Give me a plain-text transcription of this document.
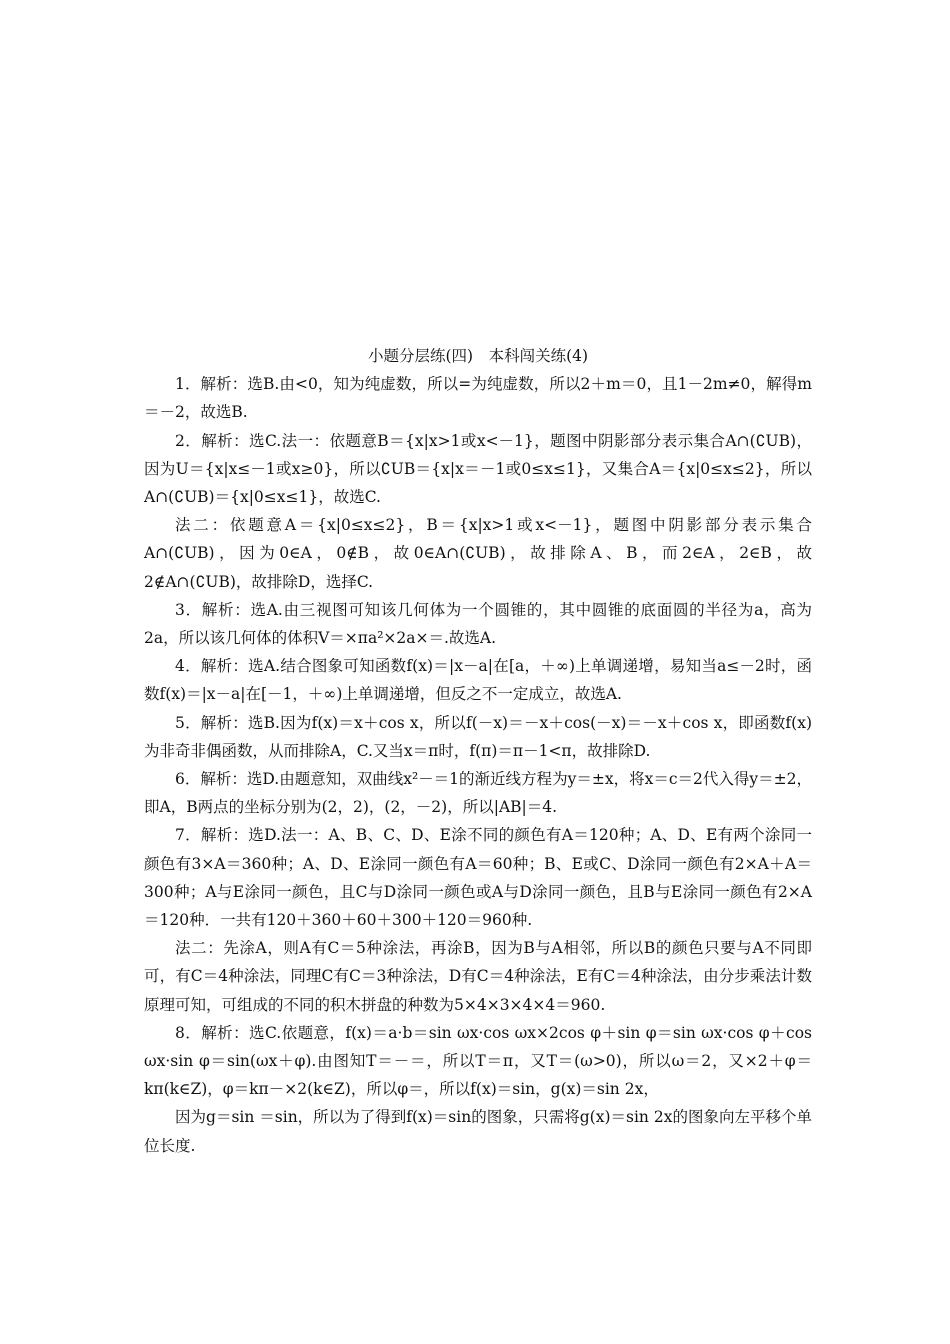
小题分层练(四)　本科闯关练(4)

1．解析：选B.由<0，知为纯虚数，所以=为纯虚数，所以2＋m＝0，且1－2m≠0，解得m＝－2，故选B.

2．解析：选C.法一：依题意B＝{x|x>1或x<－1}，题图中阴影部分表示集合A∩(∁UB)，因为U＝{x|x≤－1或x≥0}，所以∁UB＝{x|x＝－1或0≤x≤1}，又集合A＝{x|0≤x≤2}，所以A∩(∁UB)＝{x|0≤x≤1}，故选C.

法二：依题意A＝{x|0≤x≤2}，B＝{x|x>1或x<－1}，题图中阴影部分表示集合A∩(∁UB)，因为0∈A，0∉B，故0∈A∩(∁UB)，故排除A、B，而2∈A，2∈B，故2∉A∩(∁UB)，故排除D，选择C.

3．解析：选A.由三视图可知该几何体为一个圆锥的，其中圆锥的底面圆的半径为a，高为2a，所以该几何体的体积V＝×πa²×2a×＝.故选A.

4．解析：选A.结合图象可知函数f(x)＝|x－a|在[a，＋∞)上单调递增，易知当a≤－2时，函数f(x)＝|x－a|在[－1，＋∞)上单调递增，但反之不一定成立，故选A.

5．解析：选B.因为f(x)＝x＋cos x，所以f(－x)＝－x＋cos(－x)＝－x＋cos x，即函数f(x)为非奇非偶函数，从而排除A，C.又当x＝π时，f(π)＝π－1<π，故排除D.

6．解析：选D.由题意知，双曲线x²－＝1的渐近线方程为y＝±x，将x＝c＝2代入得y＝±2，即A，B两点的坐标分别为(2，2)，(2，－2)，所以|AB|＝4.

7．解析：选D.法一：A、B、C、D、E涂不同的颜色有A＝120种；A、D、E有两个涂同一颜色有3×A＝360种；A、D、E涂同一颜色有A＝60种；B、E或C、D涂同一颜色有2×A＋A＝300种；A与E涂同一颜色，且C与D涂同一颜色或A与D涂同一颜色，且B与E涂同一颜色有2×A＝120种．一共有120＋360＋60＋300＋120＝960种.

法二：先涂A，则A有C＝5种涂法，再涂B，因为B与A相邻，所以B的颜色只要与A不同即可，有C＝4种涂法，同理C有C＝3种涂法，D有C＝4种涂法，E有C＝4种涂法，由分步乘法计数原理可知，可组成的不同的积木拼盘的种数为5×4×3×4×4＝960.

8．解析：选C.依题意，f(x)＝a·b＝sin ωx·cos ωx×2cos φ＋sin φ＝sin ωx·cos φ＋cos ωx·sin φ＝sin(ωx＋φ).由图知T＝－＝，所以T＝π，又T＝(ω>0)，所以ω＝2，又×2＋φ＝kπ(k∈Z)，φ＝kπ－×2(k∈Z)，所以φ＝，所以f(x)＝sin，g(x)＝sin 2x，

因为g＝sin ＝sin，所以为了得到f(x)＝sin的图象，只需将g(x)＝sin 2x的图象向左平移个单位长度.
